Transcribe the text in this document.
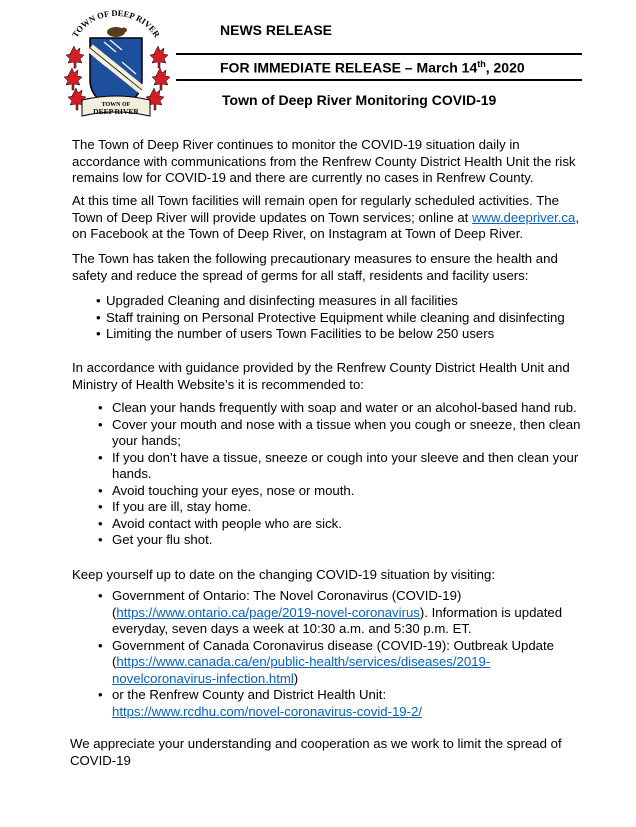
TOWN OF DEEP RIVER
TOWN OF
DEEP RIVER
NEWS RELEASE
FOR IMMEDIATE RELEASE – March 14th, 2020
Town of Deep River Monitoring COVID-19

The Town of Deep River continues to monitor the COVID-19 situation daily in accordance with communications from the Renfrew County District Health Unit the risk remains low for COVID-19 and there are currently no cases in Renfrew County.

At this time all Town facilities will remain open for regularly scheduled activities. The Town of Deep River will provide updates on Town services; online at www.deepriver.ca, on Facebook at the Town of Deep River, on Instagram at Town of Deep River.

The Town has taken the following precautionary measures to ensure the health and safety and reduce the spread of germs for all staff, residents and facility users:

• Upgraded Cleaning and disinfecting measures in all facilities
• Staff training on Personal Protective Equipment while cleaning and disinfecting
• Limiting the number of users Town Facilities to be below 250 users

In accordance with guidance provided by the Renfrew County District Health Unit and Ministry of Health Website’s it is recommended to:

• Clean your hands frequently with soap and water or an alcohol-based hand rub.
• Cover your mouth and nose with a tissue when you cough or sneeze, then clean your hands;
• If you don’t have a tissue, sneeze or cough into your sleeve and then clean your hands.
• Avoid touching your eyes, nose or mouth.
• If you are ill, stay home.
• Avoid contact with people who are sick.
• Get your flu shot.

Keep yourself up to date on the changing COVID-19 situation by visiting:

• Government of Ontario: The Novel Coronavirus (COVID-19) (https://www.ontario.ca/page/2019-novel-coronavirus). Information is updated everyday, seven days a week at 10:30 a.m. and 5:30 p.m. ET.
• Government of Canada Coronavirus disease (COVID-19): Outbreak Update (https://www.canada.ca/en/public-health/services/diseases/2019-novelcoronavirus-infection.html)
• or the Renfrew County and District Health Unit:
https://www.rcdhu.com/novel-coronavirus-covid-19-2/

We appreciate your understanding and cooperation as we work to limit the spread of COVID-19
